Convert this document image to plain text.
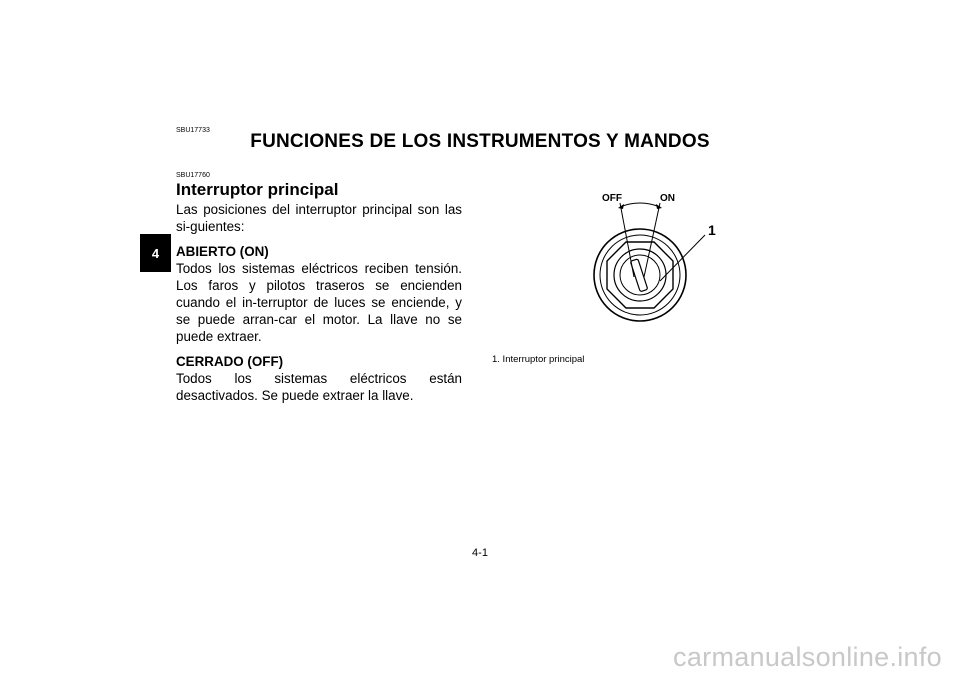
SBU17733
FUNCIONES DE LOS INSTRUMENTOS Y MANDOS
4
SBU17760
Interruptor principal

Las posiciones del interruptor principal son las si-guientes:

ABIERTO (ON)

Todos los sistemas eléctricos reciben tensión. Los faros y pilotos traseros se encienden cuando el in-terruptor de luces se enciende, y se puede arran-car el motor. La llave no se puede extraer.

CERRADO (OFF)

Todos los sistemas eléctricos están desactivados. Se puede extraer la llave.

OFF	ON
1
1. Interruptor principal
4-1
carmanualsonline.info
